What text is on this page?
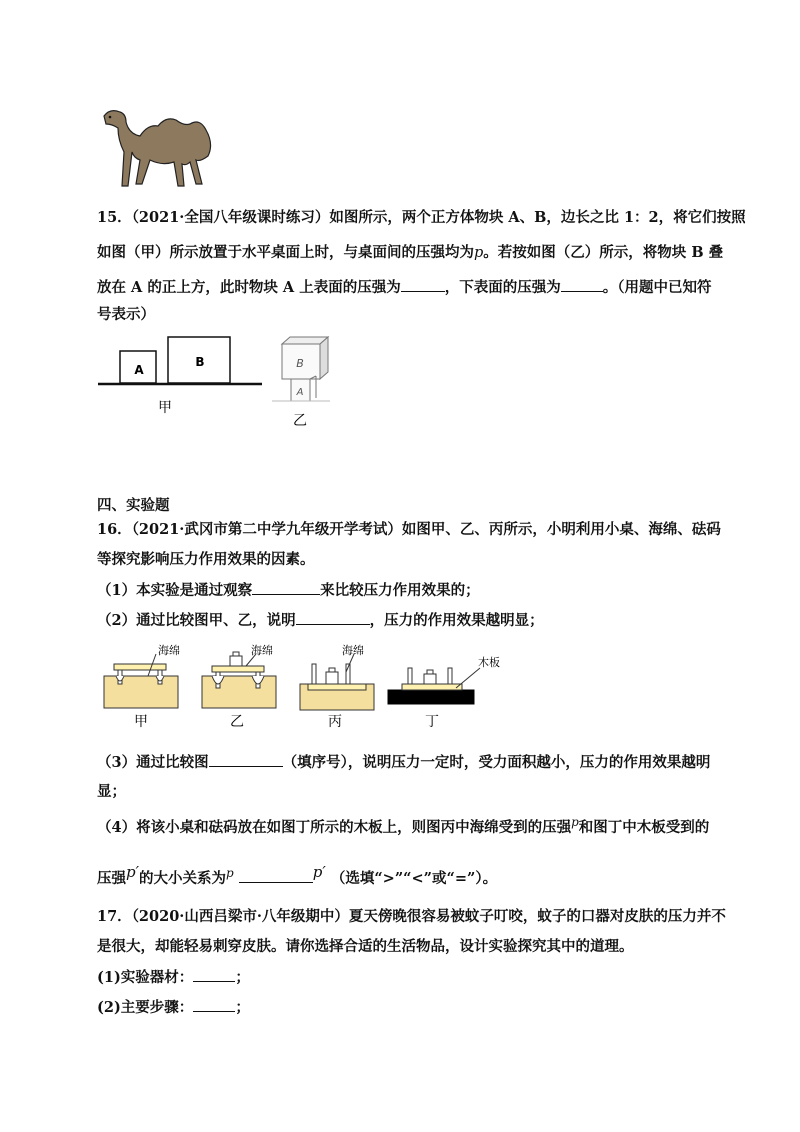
15．（2021·全国八年级课时练习）如图所示，两个正方体物块 A、B，边长之比 1：2，将它们按照
如图（甲）所示放置于水平桌面上时，与桌面间的压强均为p。若按如图（乙）所示，将物块 B 叠
放在 A 的正上方，此时物块 A 上表面的压强为	，下表面的压强为	。（用题中已知符
号表示）
A
B
甲
B
A
乙
四、实验题
16．（2021·武冈市第二中学九年级开学考试）如图甲、乙、丙所示，小明利用小桌、海绵、砝码
等探究影响压力作用效果的因素。
（1）本实验是通过观察	来比较压力作用效果的；
（2）通过比较图甲、乙，说明	，压力的作用效果越明显；
海绵
甲
海绵
乙
海绵
丙
木板
丁
（3）通过比较图	（填序号），说明压力一定时，受力面积越小，压力的作用效果越明
显；
（4）将该小桌和砝码放在如图丁所示的木板上，则图丙中海绵受到的压强$^p$和图丁中木板受到的
压强$^{p'}$的大小关系为$^p$	$^{p'}$ （选填“>”“<”或“=”）。
17．（2020·山西吕梁市·八年级期中）夏天傍晚很容易被蚊子叮咬，蚊子的口器对皮肤的压力并不
是很大，却能轻易刺穿皮肤。请你选择合适的生活物品，设计实验探究其中的道理。
(1)实验器材：	；
(2)主要步骤：	；
